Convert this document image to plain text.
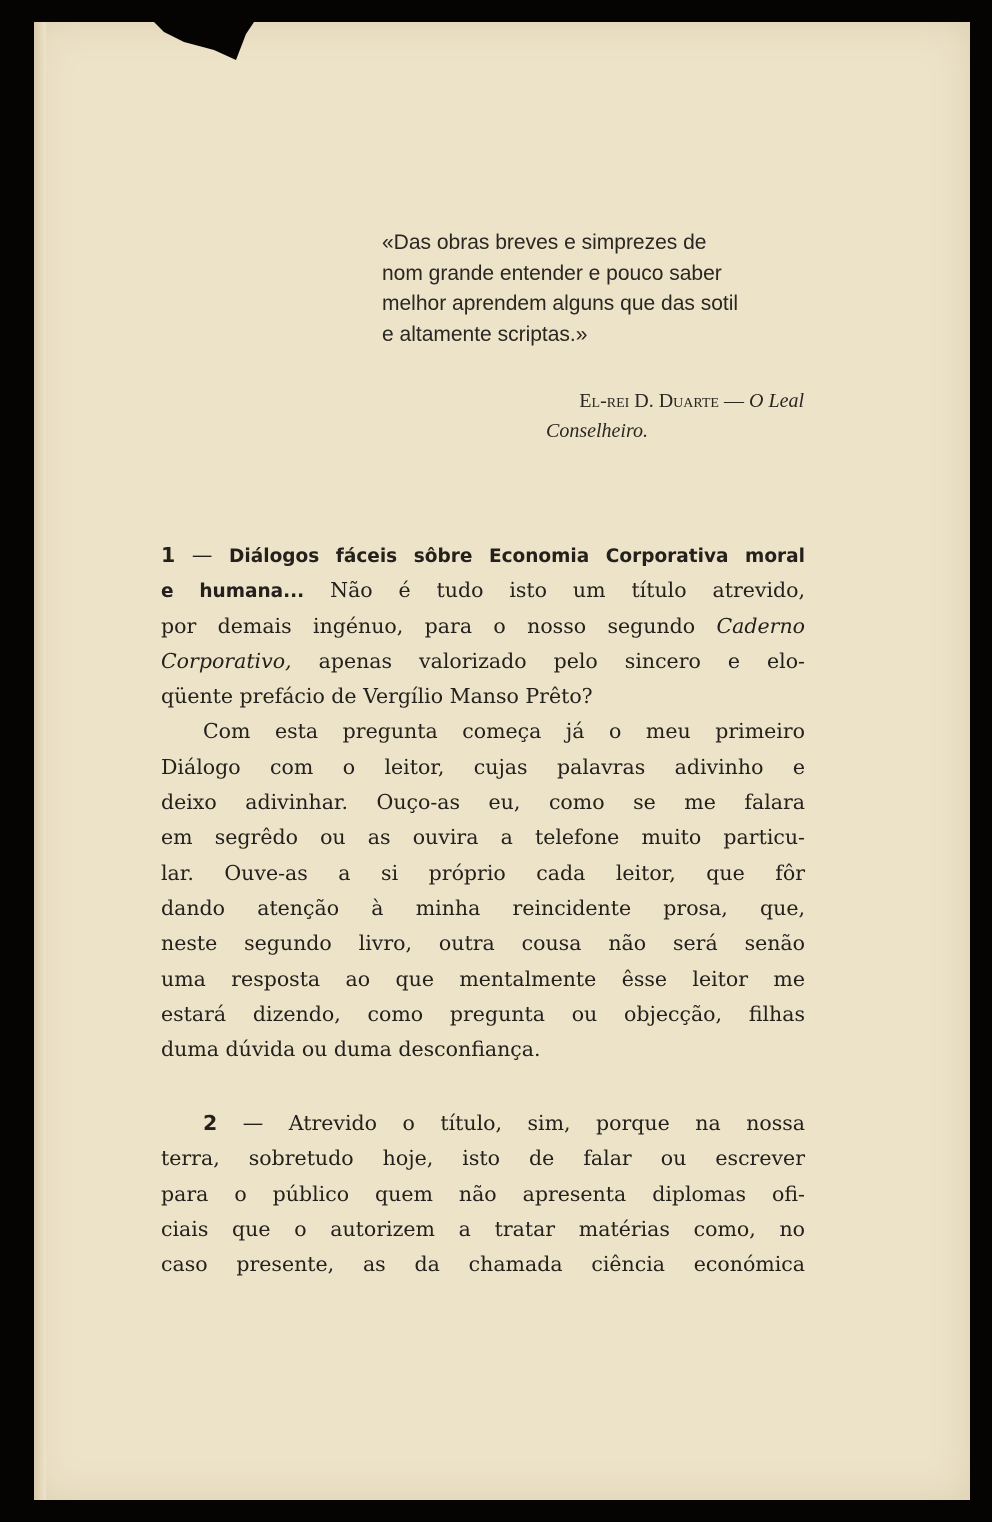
«Das obras breves e simprezes de
nom grande entender e pouco saber
melhor aprendem alguns que das sotil
e altamente scriptas.»
El-rei D. Duarte — O Leal
Conselheiro.
1 — Diálogos fáceis sôbre Economia Corporativa moral
e humana... Não é tudo isto um título atrevido,
por demais ingénuo, para o nosso segundo Caderno
Corporativo, apenas valorizado pelo sincero e elo-
qüente prefácio de Vergílio Manso Prêto?
Com esta pregunta começa já o meu primeiro
Diálogo com o leitor, cujas palavras adivinho e
deixo adivinhar. Ouço-as eu, como se me falara
em segrêdo ou as ouvira a telefone muito particu-
lar. Ouve-as a si próprio cada leitor, que fôr
dando atenção à minha reincidente prosa, que,
neste segundo livro, outra cousa não será senão
uma resposta ao que mentalmente êsse leitor me
estará dizendo, como pregunta ou objecção, filhas
duma dúvida ou duma desconfiança.
2 — Atrevido o título, sim, porque na nossa
terra, sobretudo hoje, isto de falar ou escrever
para o público quem não apresenta diplomas ofi-
ciais que o autorizem a tratar matérias como, no
caso presente, as da chamada ciência económica
